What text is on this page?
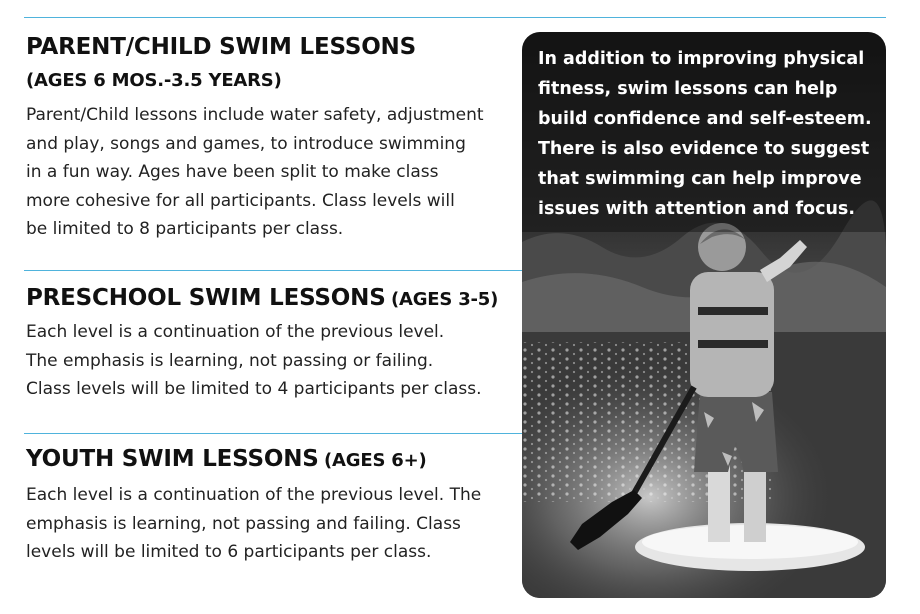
PARENT/CHILD SWIM LESSONS
(AGES 6 MOS.-3.5 YEARS)
Parent/Child lessons include water safety, adjustment
and play, songs and games, to introduce swimming
in a fun way. Ages have been split to make class
more cohesive for all participants. Class levels will
be limited to 8 participants per class.
PRESCHOOL SWIM LESSONS (AGES 3-5)
Each level is a continuation of the previous level.
The emphasis is learning, not passing or failing.
Class levels will be limited to 4 participants per class.
YOUTH SWIM LESSONS (AGES 6+)
Each level is a continuation of the previous level. The
emphasis is learning, not passing and failing. Class
levels will be limited to 6 participants per class.
In addition to improving physical
fitness, swim lessons can help
build confidence and self-esteem.
There is also evidence to suggest
that swimming can help improve
issues with attention and focus.
